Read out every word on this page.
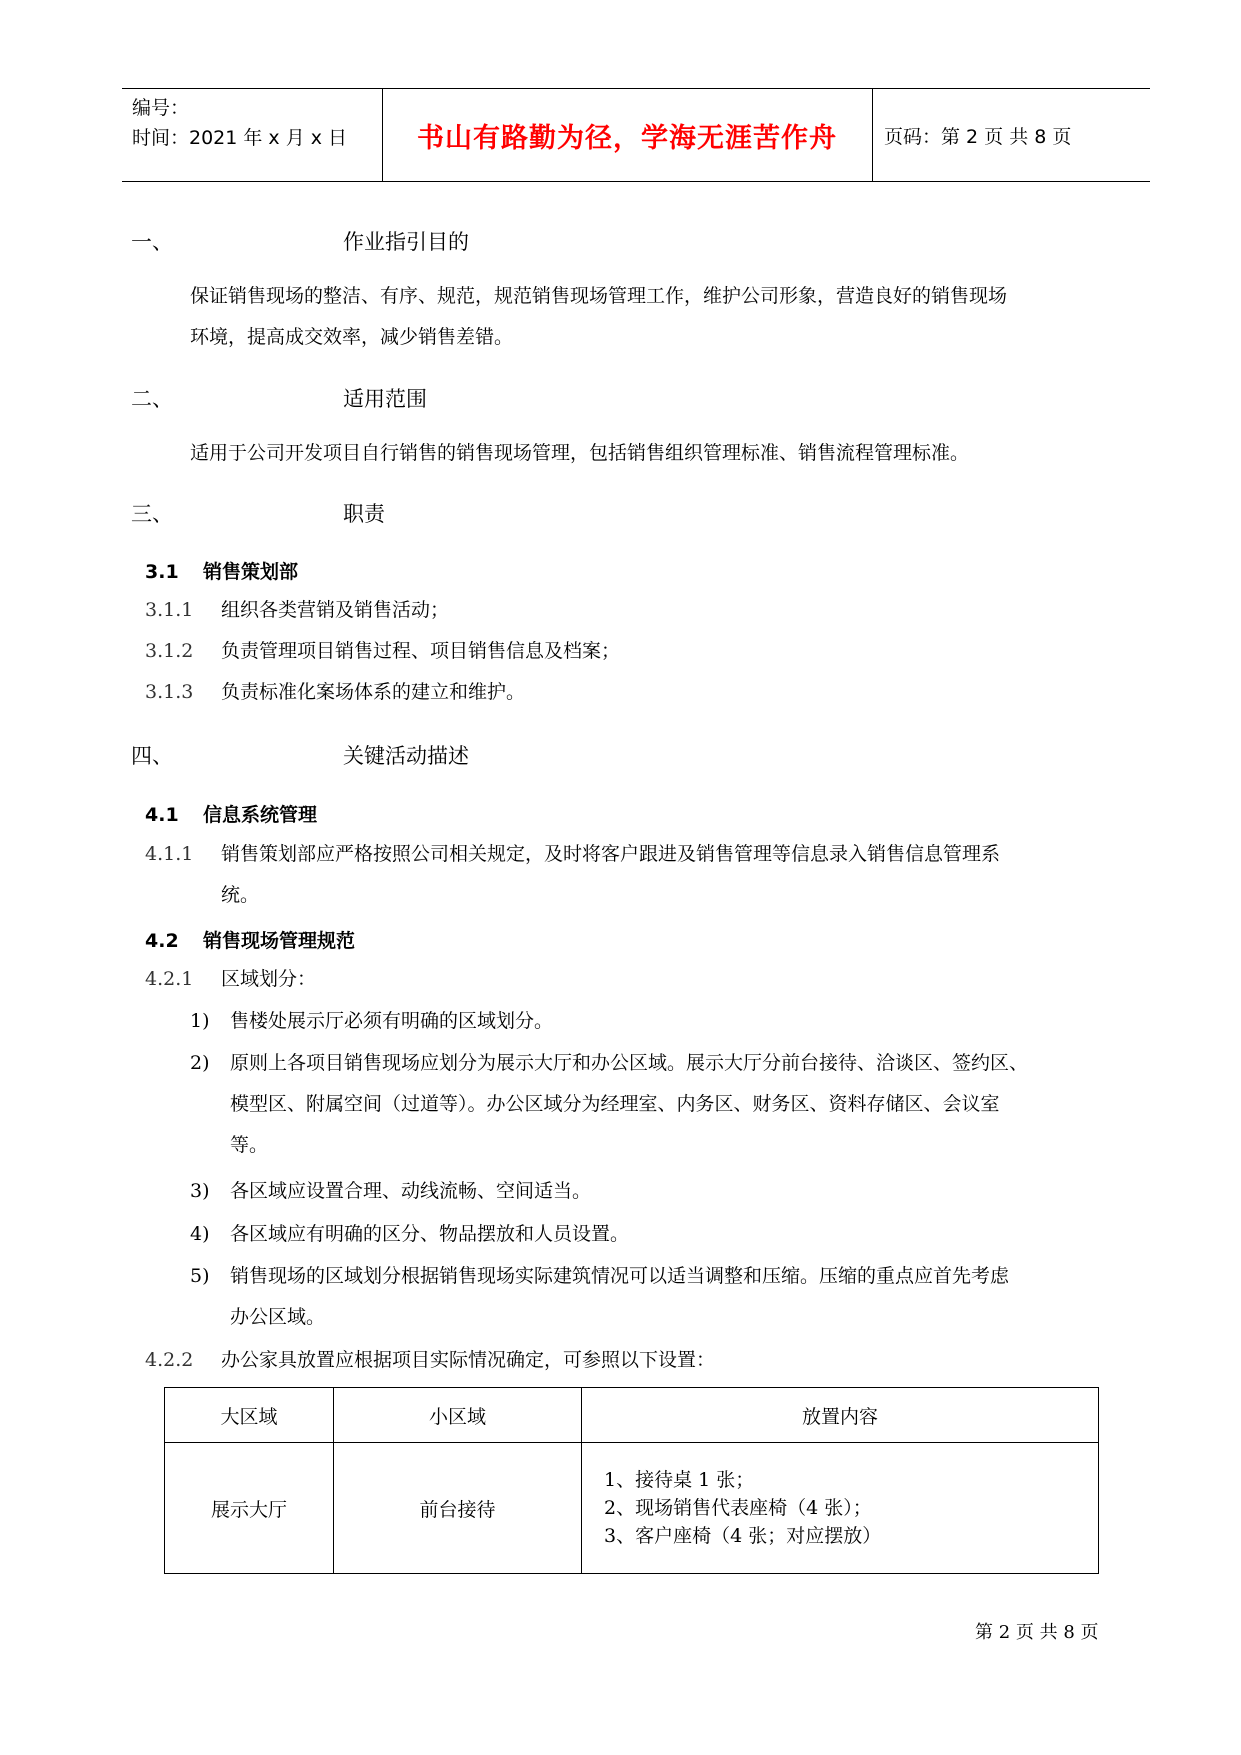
编号：
时间：2021 年 x 月 x 日	书山有路勤为径，学海无涯苦作舟	页码：第 2 页 共 8 页
一、	作业指引目的
保证销售现场的整洁、有序、规范，规范销售现场管理工作，维护公司形象，营造良好的销售现场
环境，提高成交效率，减少销售差错。
二、	适用范围
适用于公司开发项目自行销售的销售现场管理，包括销售组织管理标准、销售流程管理标准。
三、	职责
3.1 销售策划部
3.1.1 组织各类营销及销售活动；
3.1.2 负责管理项目销售过程、项目销售信息及档案；
3.1.3 负责标准化案场体系的建立和维护。
四、	关键活动描述
4.1 信息系统管理
4.1.1 销售策划部应严格按照公司相关规定，及时将客户跟进及销售管理等信息录入销售信息管理系
统。
4.2 销售现场管理规范
4.2.1 区域划分：
1) 售楼处展示厅必须有明确的区域划分。
2) 原则上各项目销售现场应划分为展示大厅和办公区域。展示大厅分前台接待、洽谈区、签约区、
模型区、附属空间（过道等）。办公区域分为经理室、内务区、财务区、资料存储区、会议室
等。
3) 各区域应设置合理、动线流畅、空间适当。
4) 各区域应有明确的区分、物品摆放和人员设置。
5) 销售现场的区域划分根据销售现场实际建筑情况可以适当调整和压缩。压缩的重点应首先考虑
办公区域。
4.2.2 办公家具放置应根据项目实际情况确定，可参照以下设置：
大区域	小区域	放置内容
展示大厅	前台接待	1、接待桌 1 张；
2、现场销售代表座椅（4 张）；
3、客户座椅（4 张；对应摆放）
第 2 页 共 8 页
